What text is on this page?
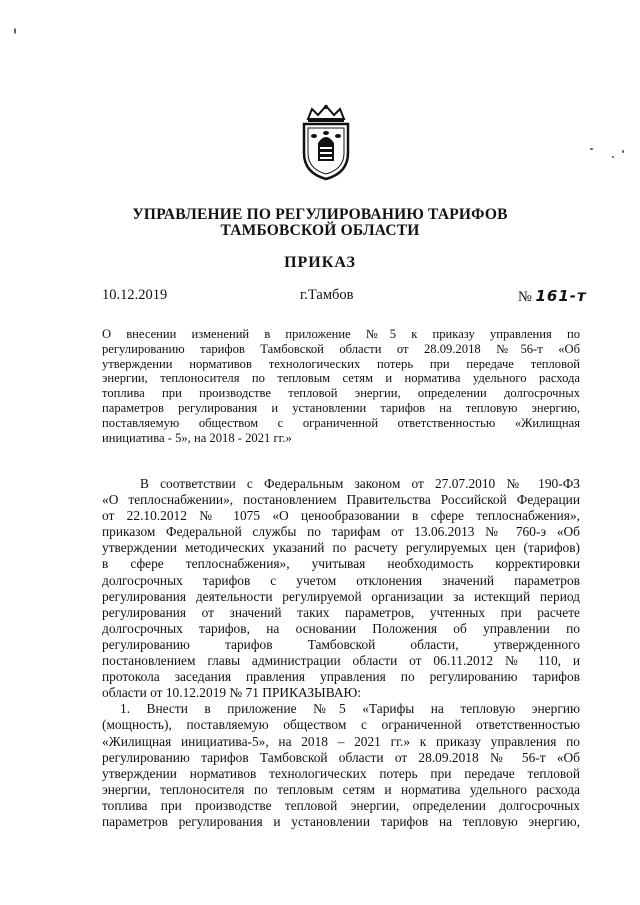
УПРАВЛЕНИЕ ПО РЕГУЛИРОВАНИЮ ТАРИФОВ
ТАМБОВСКОЙ ОБЛАСТИ
ПРИКАЗ
10.12.2019	г.Тамбов	№ 161-т
О внесении изменений в приложение №5 к приказу управления по
регулированию тарифов Тамбовской области от 28.09.2018 №56-т «Об
утверждении нормативов технологических потерь при передаче тепловой
энергии, теплоносителя по тепловым сетям и норматива удельного расхода
топлива при производстве тепловой энергии, определении долгосрочных
параметров регулирования и установлении тарифов на тепловую энергию,
поставляемую обществом с ограниченной ответственностью «Жилищная
инициатива - 5», на 2018 - 2021 гг.»
В соответствии с Федеральным законом от 27.07.2010 № 190-ФЗ
«О теплоснабжении», постановлением Правительства Российской Федерации
от 22.10.2012 № 1075 «О ценообразовании в сфере теплоснабжения»,
приказом Федеральной службы по тарифам от 13.06.2013 № 760-э «Об
утверждении методических указаний по расчету регулируемых цен (тарифов)
в сфере теплоснабжения», учитывая необходимость корректировки
долгосрочных тарифов с учетом отклонения значений параметров
регулирования деятельности регулируемой организации за истекщий период
регулирования от значений таких параметров, учтенных при расчете
долгосрочных тарифов, на основании Положения об управлении по
регулированию тарифов Тамбовской области, утвержденного
постановлением главы администрации области от 06.11.2012 № 110, и
протокола заседания правления управления по регулированию тарифов
области от 10.12.2019 № 71 ПРИКАЗЫВАЮ:
1. Внести в приложение №5 «Тарифы на тепловую энергию
(мощность), поставляемую обществом с ограниченной ответственностью
«Жилищная инициатива-5», на 2018 – 2021 гг.» к приказу управления по
регулированию тарифов Тамбовской области от 28.09.2018 № 56-т «Об
утверждении нормативов технологических потерь при передаче тепловой
энергии, теплоносителя по тепловым сетям и норматива удельного расхода
топлива при производстве тепловой энергии, определении долгосрочных
параметров регулирования и установлении тарифов на тепловую энергию,
